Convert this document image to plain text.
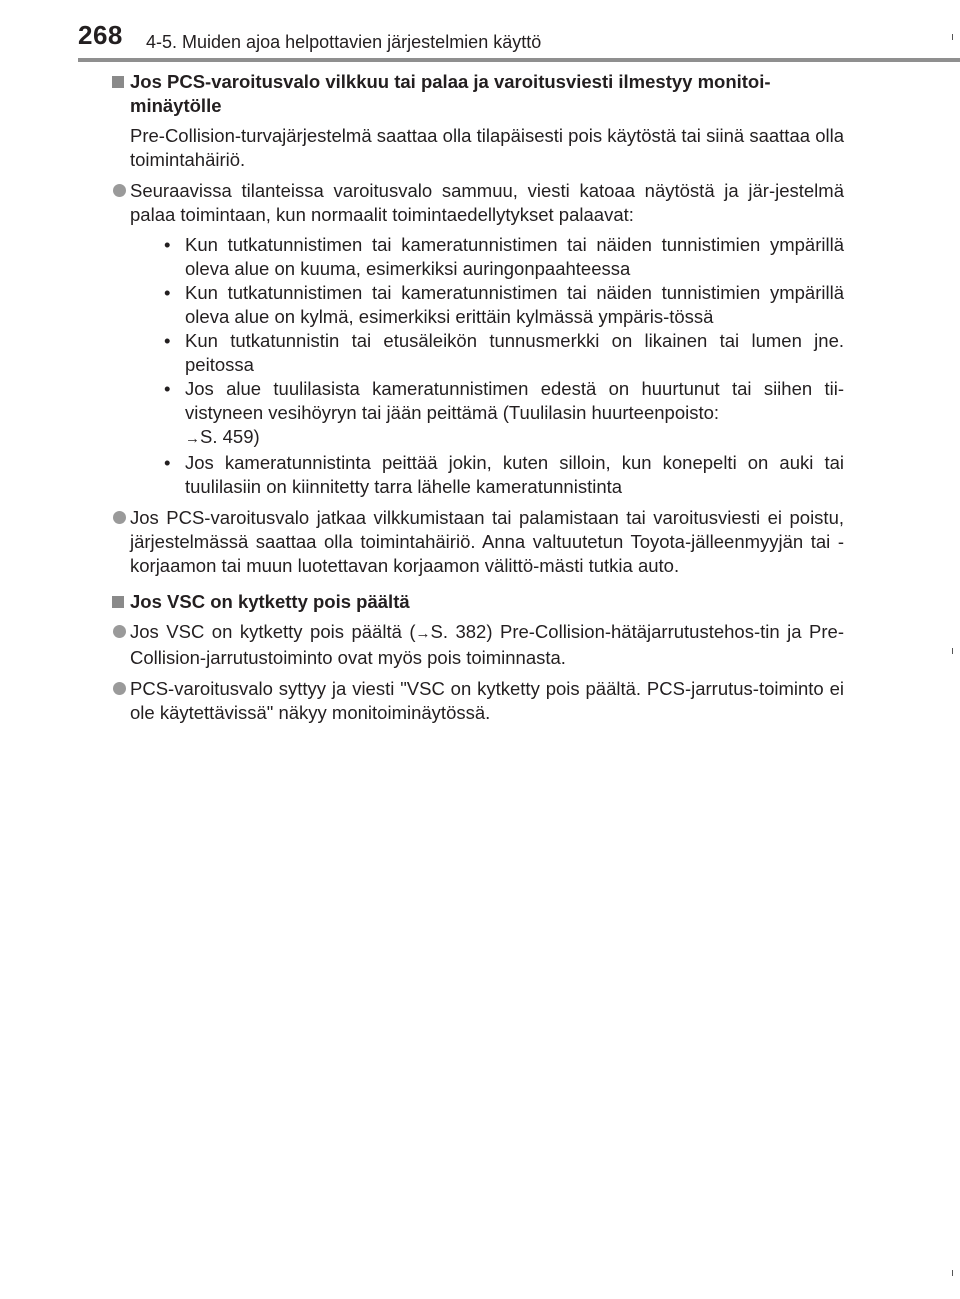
268 4-5. Muiden ajoa helpottavien järjestelmien käyttö
Jos PCS-varoitusvalo vilkkuu tai palaa ja varoitusviesti ilmestyy monitoi-minäytölle
Pre-Collision-turvajärjestelmä saattaa olla tilapäisesti pois käytöstä tai siinä saattaa olla toimintahäiriö.
Seuraavissa tilanteissa varoitusvalo sammuu, viesti katoaa näytöstä ja jär-jestelmä palaa toimintaan, kun normaalit toimintaedellytykset palaavat:
• Kun tutkatunnistimen tai kameratunnistimen tai näiden tunnistimien ympärillä oleva alue on kuuma, esimerkiksi auringonpaahteessa
• Kun tutkatunnistimen tai kameratunnistimen tai näiden tunnistimien ympärillä oleva alue on kylmä, esimerkiksi erittäin kylmässä ympäris-tössä
• Kun tutkatunnistin tai etusäleikön tunnusmerkki on likainen tai lumen jne. peitossa
• Jos alue tuulilasista kameratunnistimen edestä on huurtunut tai siihen tii-vistyneen vesihöyryn tai jään peittämä (Tuulilasin huurteenpoisto:
→S. 459)
• Jos kameratunnistinta peittää jokin, kuten silloin, kun konepelti on auki tai tuulilasiin on kiinnitetty tarra lähelle kameratunnistinta
Jos PCS-varoitusvalo jatkaa vilkkumistaan tai palamistaan tai varoitusviesti ei poistu, järjestelmässä saattaa olla toimintahäiriö. Anna valtuutetun Toyota-jälleenmyyjän tai -korjaamon tai muun luotettavan korjaamon välittö-mästi tutkia auto.
Jos VSC on kytketty pois päältä
Jos VSC on kytketty pois päältä (→S. 382) Pre-Collision-hätäjarrutustehos-tin ja Pre-Collision-jarrutustoiminto ovat myös pois toiminnasta.
PCS-varoitusvalo syttyy ja viesti "VSC on kytketty pois päältä. PCS-jarrutus-toiminto ei ole käytettävissä" näkyy monitoiminäytössä.
